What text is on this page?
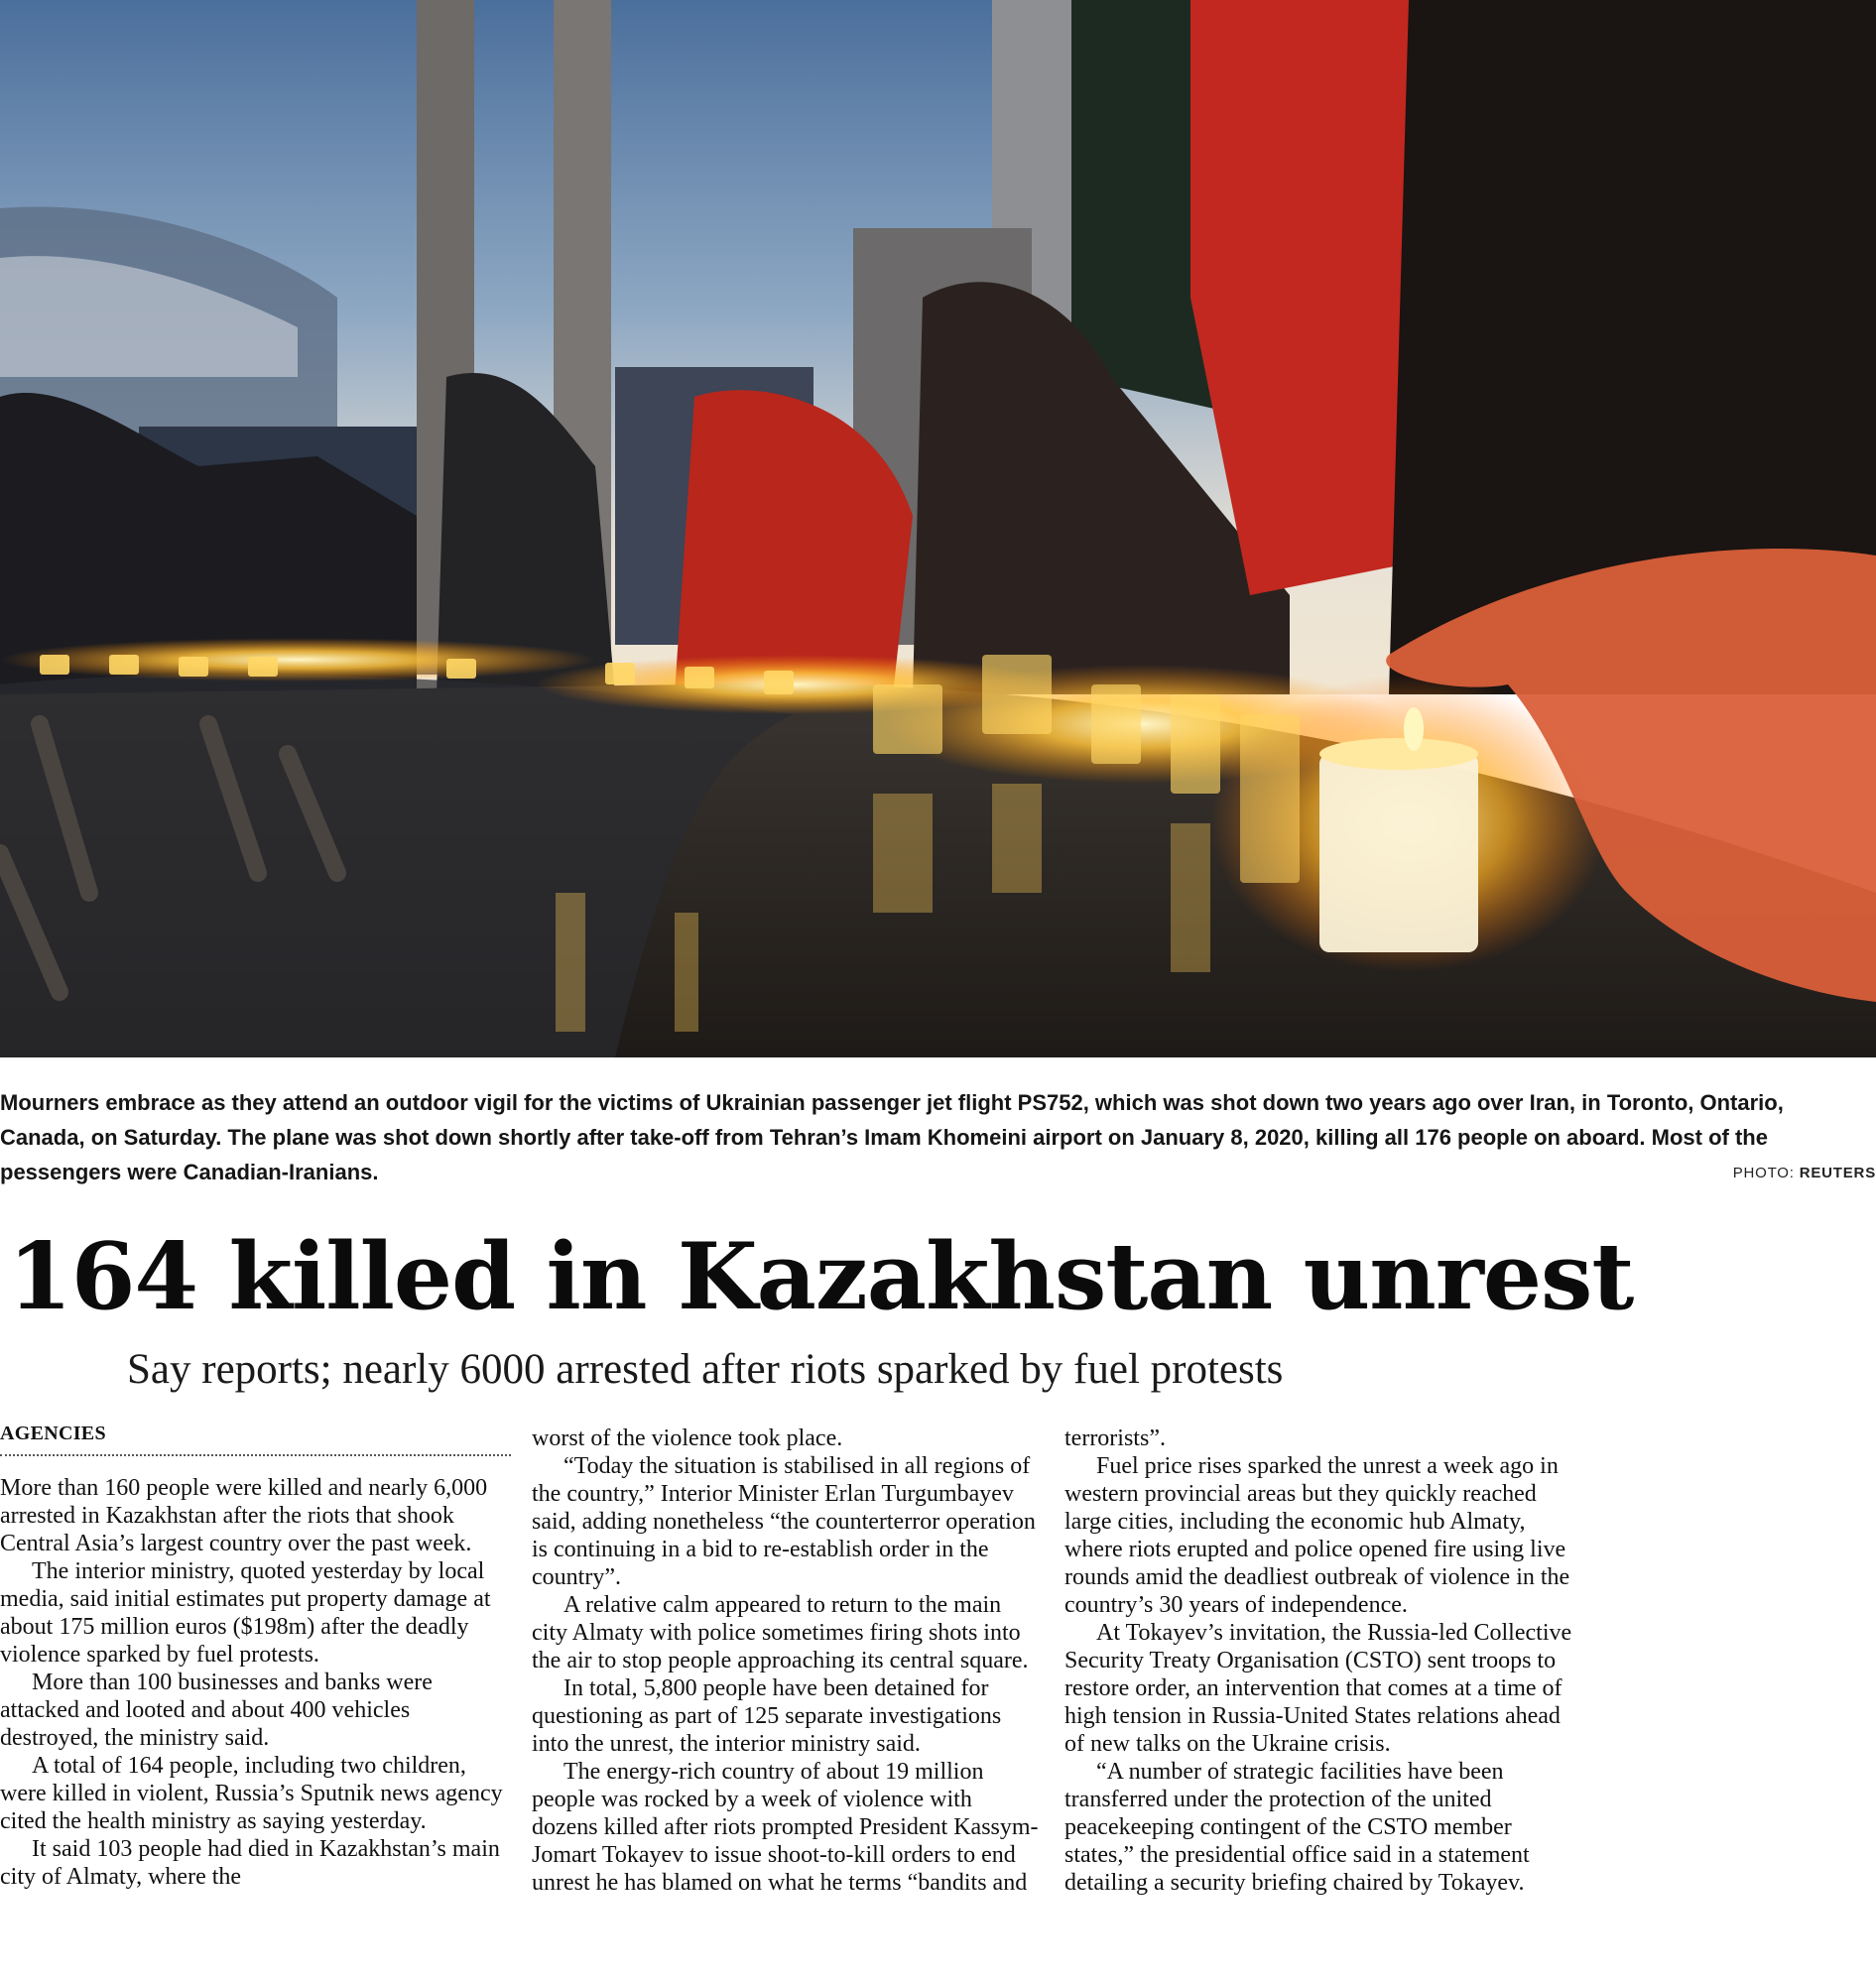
Mourners embrace as they attend an outdoor vigil for the victims of Ukrainian passenger jet flight PS752, which was shot down two years ago over Iran, in Toronto, Ontario, Canada, on Saturday. The plane was shot down shortly after take-off from Tehran’s Imam Khomeini airport on January 8, 2020, killing all 176 people on aboard. Most of the pessengers were Canadian-Iranians.	PHOTO: REUTERS
164 killed in Kazakhstan unrest
Say reports; nearly 6000 arrested after riots sparked by fuel protests
AGENCIES

More than 160 people were killed and nearly 6,000 arrested in Kazakhstan after the riots that shook Central Asia’s largest country over the past week.

The interior ministry, quoted yesterday by local media, said initial estimates put property damage at about 175 million euros ($198m) after the deadly violence sparked by fuel protests.

More than 100 businesses and banks were attacked and looted and about 400 vehicles destroyed, the ministry said.

A total of 164 people, including two children, were killed in violent, Russia’s Sputnik news agency cited the health ministry as saying yesterday.

It said 103 people had died in Kazakhstan’s main city of Almaty, where the

worst of the violence took place.

“Today the situation is stabilised in all regions of the country,” Interior Minister Erlan Turgumbayev said, adding nonetheless “the counterterror operation is continuing in a bid to re-establish order in the country”.

A relative calm appeared to return to the main city Almaty with police sometimes firing shots into the air to stop people approaching its central square.

In total, 5,800 people have been detained for questioning as part of 125 separate investigations into the unrest, the interior ministry said.

The energy-rich country of about 19 million people was rocked by a week of violence with dozens killed after riots prompted President Kassym-Jomart Tokayev to issue shoot-to-kill orders to end unrest he has blamed on what he terms “bandits and

terrorists”.

Fuel price rises sparked the unrest a week ago in western provincial areas but they quickly reached large cities, including the economic hub Almaty, where riots erupted and police opened fire using live rounds amid the deadliest outbreak of violence in the country’s 30 years of independence.

At Tokayev’s invitation, the Russia-led Collective Security Treaty Organisation (CSTO) sent troops to restore order, an intervention that comes at a time of high tension in Russia-United States relations ahead of new talks on the Ukraine crisis.

“A number of strategic facilities have been transferred under the protection of the united peacekeeping contingent of the CSTO member states,” the presidential office said in a statement detailing a security briefing chaired by Tokayev.
